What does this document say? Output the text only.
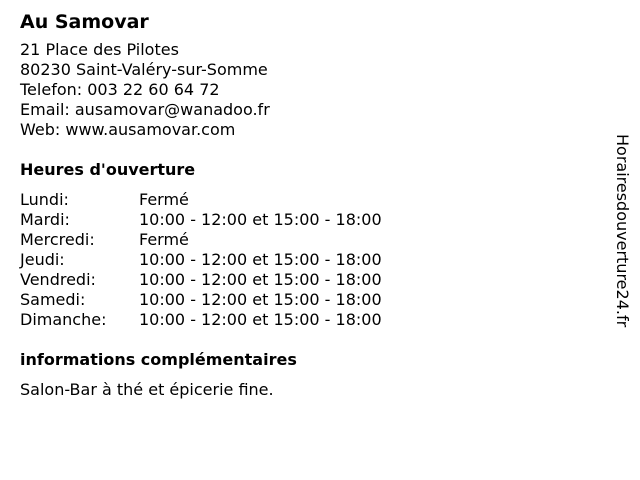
Au Samovar
21 Place des Pilotes
80230 Saint-Valéry-sur-Somme
Telefon: 003 22 60 64 72
Email: ausamovar@wanadoo.fr
Web: www.ausamovar.com
Heures d'ouverture
Lundi:	Fermé
Mardi:	10:00 - 12:00 et 15:00 - 18:00
Mercredi:	Fermé
Jeudi:	10:00 - 12:00 et 15:00 - 18:00
Vendredi:	10:00 - 12:00 et 15:00 - 18:00
Samedi:	10:00 - 12:00 et 15:00 - 18:00
Dimanche:	10:00 - 12:00 et 15:00 - 18:00
informations complémentaires
Salon-Bar à thé et épicerie fine.
Horairesdouverture24.fr
